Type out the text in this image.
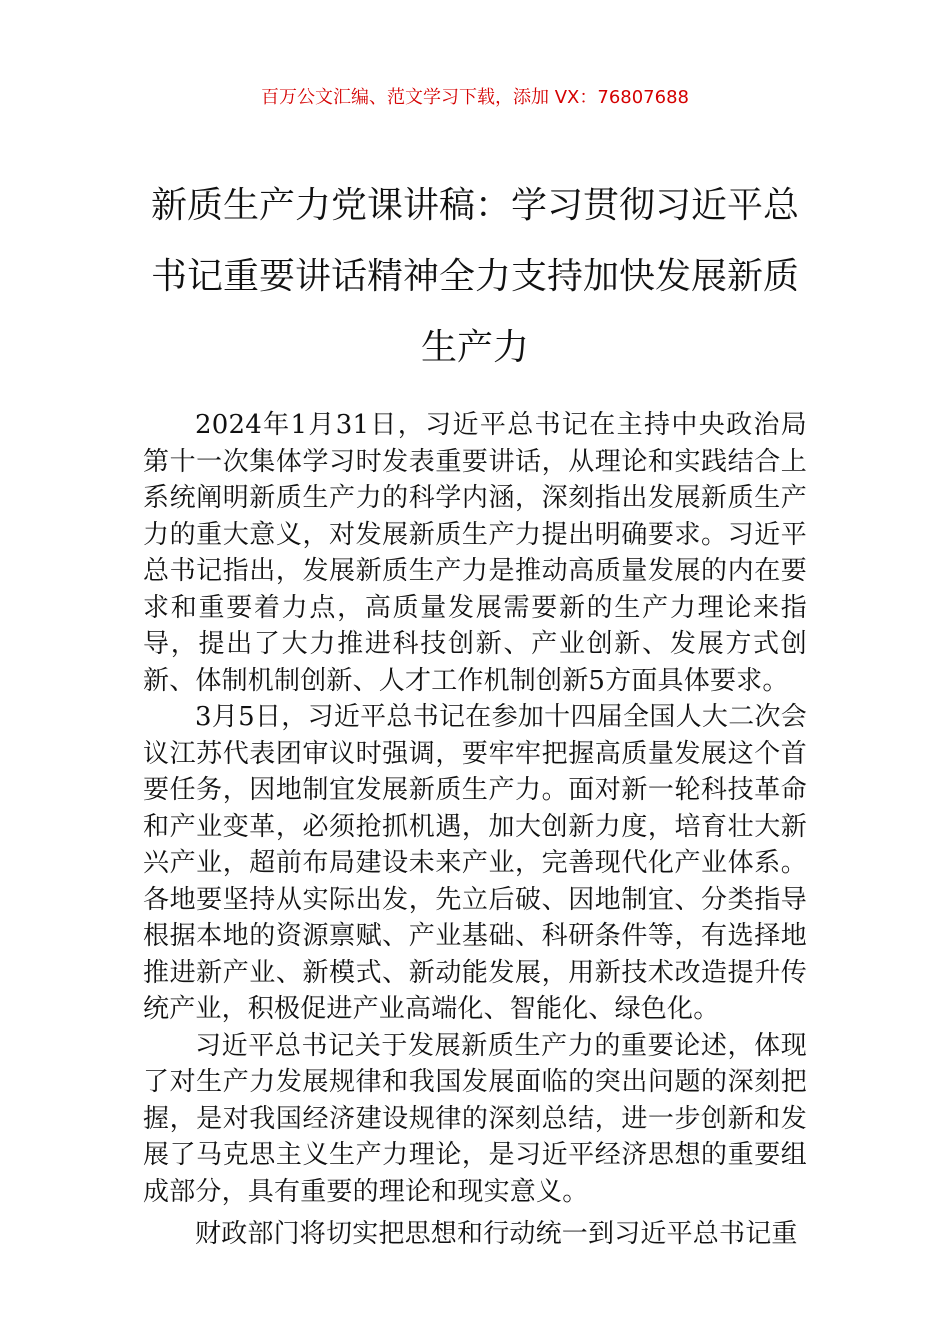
百万公文汇编、范文学习下载，添加 VX：76807688
新质生产力党课讲稿：学习贯彻习近平总书记重要讲话精神全力支持加快发展新质生产力

2024年1月31日，习近平总书记在主持中央政治局第十一次集体学习时发表重要讲话，从理论和实践结合上系统阐明新质生产力的科学内涵，深刻指出发展新质生产力的重大意义，对发展新质生产力提出明确要求。习近平总书记指出，发展新质生产力是推动高质量发展的内在要求和重要着力点，高质量发展需要新的生产力理论来指导，提出了大力推进科技创新、产业创新、发展方式创新、体制机制创新、人才工作机制创新5方面具体要求。

3月5日，习近平总书记在参加十四届全国人大二次会议江苏代表团审议时强调，要牢牢把握高质量发展这个首要任务，因地制宜发展新质生产力。面对新一轮科技革命和产业变革，必须抢抓机遇，加大创新力度，培育壮大新兴产业，超前布局建设未来产业，完善现代化产业体系。各地要坚持从实际出发，先立后破、因地制宜、分类指导根据本地的资源禀赋、产业基础、科研条件等，有选择地推进新产业、新模式、新动能发展，用新技术改造提升传统产业，积极促进产业高端化、智能化、绿色化。

习近平总书记关于发展新质生产力的重要论述，体现了对生产力发展规律和我国发展面临的突出问题的深刻把握，是对我国经济建设规律的深刻总结，进一步创新和发展了马克思主义生产力理论，是习近平经济思想的重要组成部分，具有重要的理论和现实意义。

财政部门将切实把思想和行动统一到习近平总书记重
